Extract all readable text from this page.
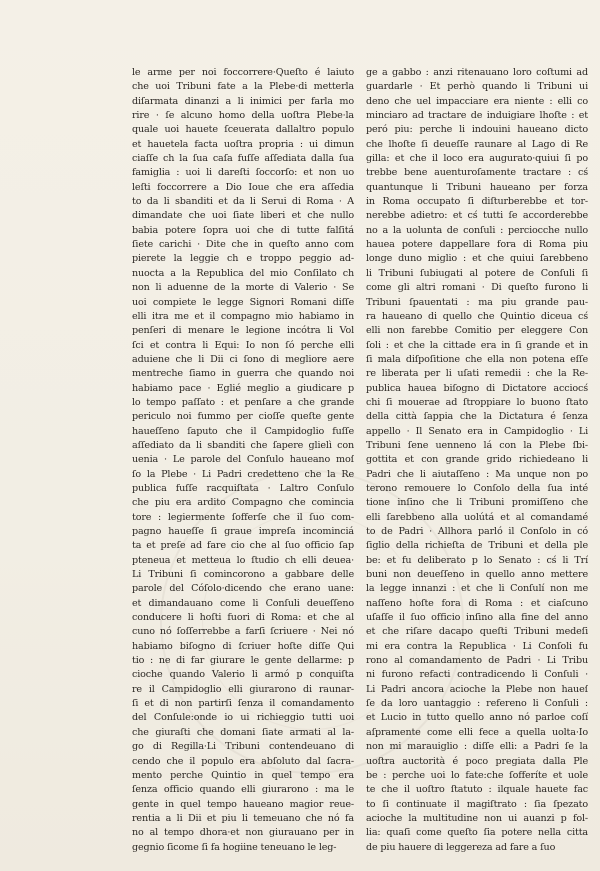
le arme per noi foccorrere·Queſto é laiuto
che uoi Tribuni fate a la Plebe·di metterla
diſarmata dinanzi a li inimici per farla mo
rire · ſe alcuno homo della uoſtra Plebe·la
quale uoi hauete ſceuerata dallaltro populo
et hauetela facta uoſtra propria : ui dimun
ciaſſe ch la ſua caſa fuſſe aſſediata dalla ſua
famiglia : uoi li dareſti ſoccorſo: et non uo
leſti foccorrere a Dio Ioue che era aſſedia
to da li sbanditi et da li Serui di Roma · A
dimandate che uoi ſiate liberi et che nullo
babia potere ſopra uoi che di tutte falſitá
ſiete carichi · Dite che in queſto anno com
pierete la leggie ch e troppo peggio ad-
nuocta a la Republica del mio Conſilato ch
non li aduenne de la morte di Valerio · Se
uoi compiete le legge Signori Romani diſſe
elli itra me et il compagno mio habiamo in
penſeri di menare le legione incótra li Vol
ſci et contra li Equi: Io non ſó perche elli
aduiene che li Dii ci ſono di megliore aere
mentreche ſiamo in guerra che quando noi
habiamo pace · Eglié meglio a giudicare p
lo tempo paſſato : et penſare a che grande
periculo noi fummo per cioſſe queſte gente
haueſſeno ſaputo che il Campidoglio fuſſe
aſſediato da li sbanditi che ſapere glielì con
uenia · Le parole del Conſulo haueano moſ
ſo la Plebe · Li Padri credetteno che la Re
publica fuſſe racquiſtata · Laltro Conſulo
che piu era ardito Compagno che comincia
tore : legiermente ſofferſe che il ſuo com-
pagno haueſſe ſi graue impreſa incominciá
ta et preſe ad fare cio che al ſuo officio ſap
pteneua et metteua lo ſtudio ch elli deuea·
Li Tribuni ſi comincorono a gabbare delle
parole del Cóſolo·dicendo che erano uane:
et dimandauano come li Conſuli deueſſeno
conducere li hoſti fuori di Roma: et che al
cuno nó ſoſſerrebbe a farſi ſcriuere · Nei nó
habiamo biſogno di ſcriuer hoſte diſſe Qui
tio : ne di far giurare le gente dellarme: p
cioche quando Valerio li armó p conquiſta
re il Campidoglio elli giurarono di raunar-
ſi et di non partirſi ſenza il comandamento
del Conſule:onde io ui richieggio tutti uoi
che giuraſti che domani ſiate armati al la-
go di Regilla·Li Tribuni contendeuano di
cendo che il populo era abſoluto dal ſacra-
mento perche Quintio in quel tempo era
ſenza officio quando elli giurarono : ma le
gente in quel tempo haueano magior reue-
rentia a li Dii et piu li temeuano che nó fa
no al tempo dhora·et non giurauano per in
gegnio ſicome ſi fa hogiine teneuano le leg-
ge a gabbo : anzi ritenauano loro coſtumi ad
guardarle · Et perhò quando li Tribuni ui
deno che uel impacciare era niente : elli co
minciaro ad tractare de induigiare lhoſte : et
peró piu: perche li indouini haueano dicto
che lhoſte ſi deueſſe raunare al Lago di Re
gilla: et che il loco era augurato·quiui ſi po
trebbe bene auenturoſamente tractare : cś
quantunque li Tribuni haueano per forza
in Roma occupato ſi diſturberebbe et tor-
nerebbe adietro: et cś tutti ſe accorderebbe
no a la uolunta de conſuli : perciocche nullo
hauea potere dappellare fora di Roma piu
longe duno miglio : et che quiui ſarebbeno
li Tribuni ſubiugati al potere de Conſuli ſi
come gli altri romani · Di queſto furono li
Tribuni ſpauentati : ma piu grande pau-
ra haueano di quello che Quintio diceua cś
elli non farebbe Comitio per eleggere Con
ſoli : et che la cittade era in ſi grande et in
ſi mala diſpoſitione che ella non potena eſſe
re liberata per li uſati remedii : che la Re-
publica hauea biſogno di Dictatore acciocś
chi ſi mouerae ad ſtroppiare lo buono ſtato
della città ſappia che la Dictatura é ſenza
appello · Il Senato era in Campidoglio · Li
Tribuni ſene uenneno lá con la Plebe ſbi-
gottita et con grande grido richiedeano li
Padri che li aiutaſſeno : Ma unque non po
terono remouere lo Conſolo della ſua inté
tione inſino che li Tribuni promiſſeno che
elli ſarebbeno alla uolútá et al comandamé
to de Padri · Allhora parló il Conſolo in có
ſiglio della richieſta de Tribuni et della ple
be: et fu deliberato p lo Senato : cś li Trí
buni non deueſſeno in quello anno mettere
la legge innanzi : et che li Conſulí non me
naſſeno hoſte fora di Roma : et ciaſcuno
uſaſſe il ſuo officio inſino alla fine del anno
et che riſare dacapo queſti Tribuni medeſi
mi era contra la Republica · Li Conſoli fu
rono al comandamento de Padri · Li Tribu
ni furono refacti contradicendo li Conſuli ·
Li Padri ancora acioche la Plebe non haueſ
ſe da loro uantaggio : refereno li Conſuli :
et Lucio in tutto quello anno nó parloe coſí
aſpramente come elli fece a quella uolta·Io
non mi marauiglio : diſſe elli: a Padri ſe la
uoſtra auctorità é poco pregiata dalla Ple
be : perche uoi lo fate:che ſofferíte et uole
te che il uoſtro ſtatuto : ilquale hauete fac
to ſi continuate il magiſtrato : ſia ſpezato
acioche la multitudine non ui auanzi p fol-
lia: quaſi come queſto ſia potere nella citta
de piu hauere di leggereza ad fare a ſuo
